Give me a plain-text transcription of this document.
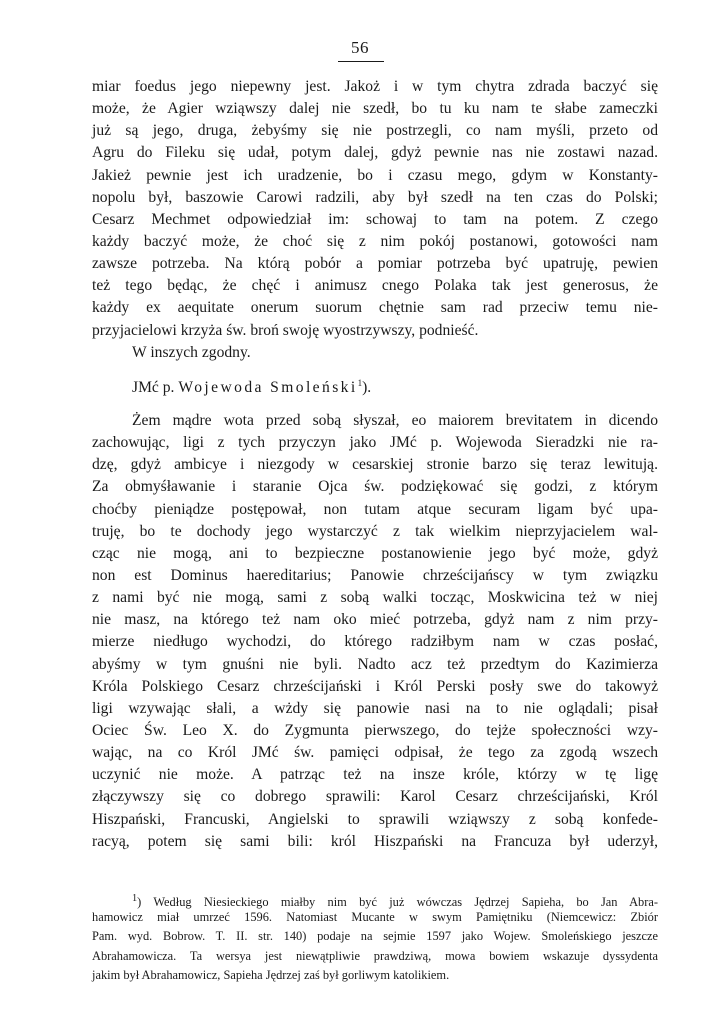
56
miar foedus jego niepewny jest. Jakoż i w tym chytra zdrada baczyć się
może, że Agier wziąwszy dalej nie szedł, bo tu ku nam te słabe zameczki
już są jego, druga, żebyśmy się nie postrzegli, co nam myśli, przeto od
Agru do Fileku się udał, potym dalej, gdyż pewnie nas nie zostawi nazad.
Jakież pewnie jest ich uradzenie, bo i czasu mego, gdym w Konstanty-
nopolu był, baszowie Carowi radzili, aby był szedł na ten czas do Polski;
Cesarz Mechmet odpowiedział im: schowaj to tam na potem. Z czego
każdy baczyć może, że choć się z nim pokój postanowi, gotowości nam
zawsze potrzeba. Na którą pobór a pomiar potrzeba być upatruję, pewien
też tego będąc, że chęć i animusz cnego Polaka tak jest generosus, że
każdy ex aequitate onerum suorum chętnie sam rad przeciw temu nie-
przyjacielowi krzyża św. broń swoję wyostrzywszy, podnieść.
W inszych zgodny.
JMć p. Wojewoda Smoleński$^1$).
Żem mądre wota przed sobą słyszał, eo maiorem brevitatem in dicendo
zachowując, ligi z tych przyczyn jako JMć p. Wojewoda Sieradzki nie ra-
dzę, gdyż ambicye i niezgody w cesarskiej stronie barzo się teraz lewitują.
Za obmyśławanie i staranie Ojca św. podziękować się godzi, z którym
choćby pieniądze postępował, non tutam atque securam ligam być upa-
truję, bo te dochody jego wystarczyć z tak wielkim nieprzyjacielem wal-
cząc nie mogą, ani to bezpieczne postanowienie jego być może, gdyż
non est Dominus haereditarius; Panowie chrześcijańscy w tym związku
z nami być nie mogą, sami z sobą walki tocząc, Moskwicina też w niej
nie masz, na którego też nam oko mieć potrzeba, gdyż nam z nim przy-
mierze niedługo wychodzi, do którego radziłbym nam w czas posłać,
abyśmy w tym gnuśni nie byli. Nadto acz też przedtym do Kazimierza
Króla Polskiego Cesarz chrześcijański i Król Perski posły swe do takowyż
ligi wzywając słali, a wżdy się panowie nasi na to nie oglądali; pisał
Ociec Św. Leo X. do Zygmunta pierwszego, do tejże społeczności wzy-
wając, na co Król JMć św. pamięci odpisał, że tego za zgodą wszech
uczynić nie może. A patrząc też na insze króle, którzy w tę ligę
złączywszy się co dobrego sprawili: Karol Cesarz chrześcijański, Król
Hiszpański, Francuski, Angielski to sprawili wziąwszy z sobą konfede-
racyą, potem się sami bili: król Hiszpański na Francuza był uderzył,
$^1$) Według Niesieckiego miałby nim być już wówczas Jędrzej Sapieha, bo Jan Abra-
hamowicz miał umrzeć 1596. Natomiast Mucante w swym Pamiętniku (Niemcewicz: Zbiór
Pam. wyd. Bobrow. T. II. str. 140) podaje na sejmie 1597 jako Wojew. Smoleńskiego jeszcze
Abrahamowicza. Ta wersya jest niewątpliwie prawdziwą, mowa bowiem wskazuje dyssydenta
jakim był Abrahamowicz, Sapieha Jędrzej zaś był gorliwym katolikiem.
